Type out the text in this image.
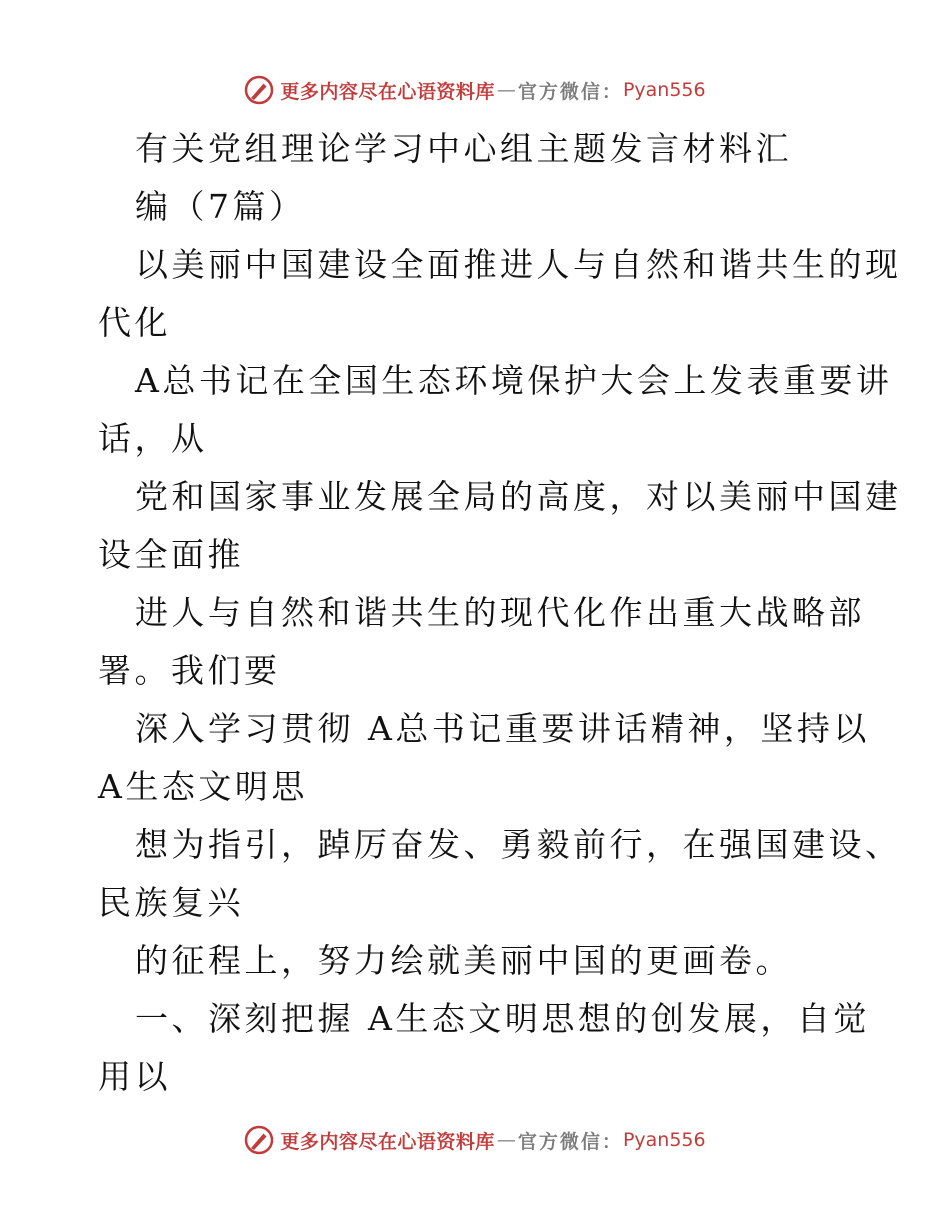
更多内容尽在心语资料库 — 官方微信： Pyan556
有关党组理论学习中心组主题发言材料汇
编（7篇）
以美丽中国建设全面推进人与自然和谐共生的现
代化
A总书记在全国生态环境保护大会上发表重要讲
话，从
党和国家事业发展全局的高度，对以美丽中国建
设全面推
进人与自然和谐共生的现代化作出重大战略部
署。我们要
深入学习贯彻 A总书记重要讲话精神，坚持以
A生态文明思
想为指引，踔厉奋发、勇毅前行，在强国建设、
民族复兴
的征程上，努力绘就美丽中国的更画卷。
一、深刻把握 A生态文明思想的创发展，自觉
用以
更多内容尽在心语资料库 — 官方微信： Pyan556
